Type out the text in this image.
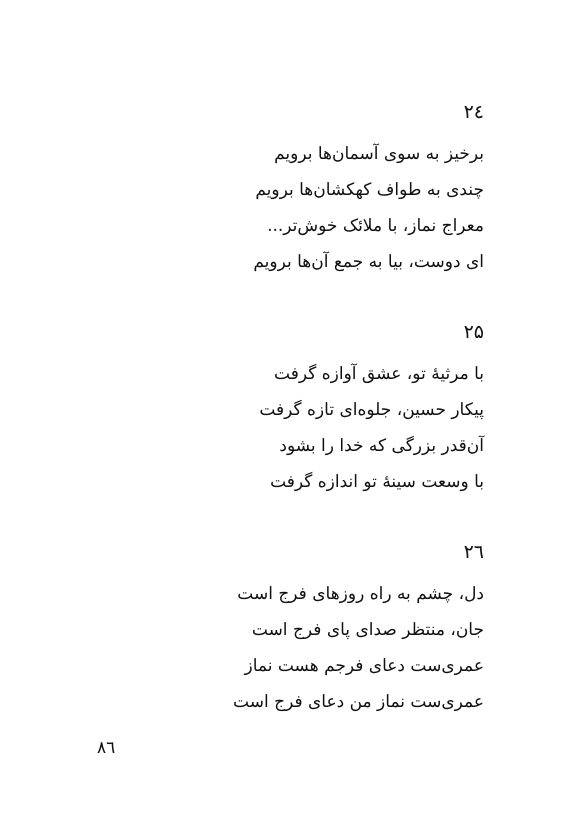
۲٤
برخیز به سوی آسمان‌ها برویم
چندی به طواف کهکشان‌ها برویم
معراج نماز، با ملائک خوش‌تر...
ای دوست، بیا به جمع آن‌ها برویم
۲۵
با مرثیهٔ تو، عشق آوازه گرفت
پیکار حسین، جلوه‌ای تازه گرفت
آن‌قدر بزرگی که خدا را بشود
با وسعت سینهٔ تو اندازه گرفت
۲٦
دل، چشم به راه روزهای فرج است
جان، منتظر صدای پای فرج است
عمری‌ست دعای فرجم هست نماز
عمری‌ست نماز من دعای فرج است
۸٦
